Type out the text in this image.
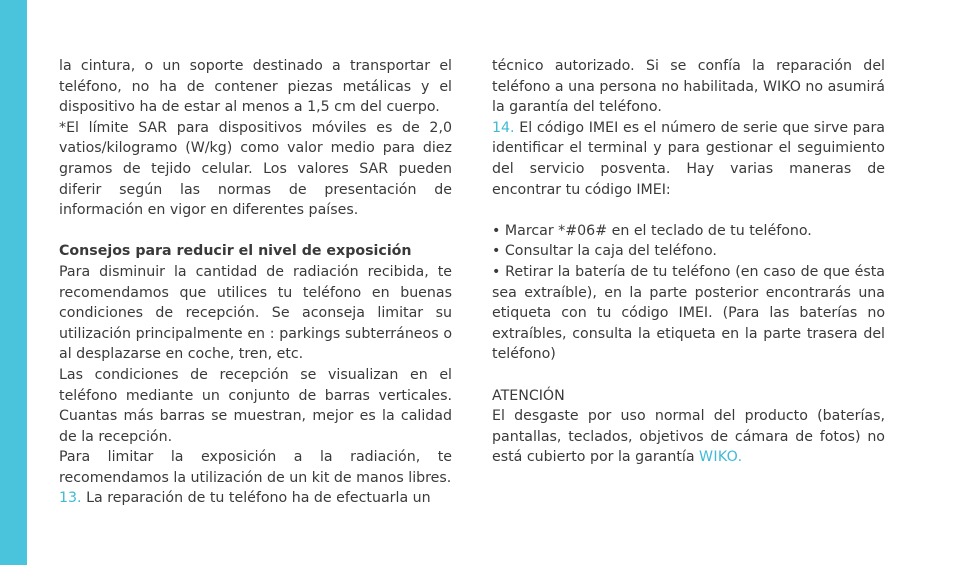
la cintura, o un soporte destinado a transportar el teléfono, no ha de contener piezas metálicas y el dispositivo ha de estar al menos a 1,5 cm del cuerpo.

*El límite SAR para dispositivos móviles es de 2,0 vatios/kilogramo (W/kg) como valor medio para diez gramos de tejido celular. Los valores SAR pueden diferir según las normas de presentación de información en vigor en diferentes países.

Consejos para reducir el nivel de exposición

Para disminuir la cantidad de radiación recibida, te recomendamos que utilices tu teléfono en buenas condiciones de recepción. Se aconseja limitar su utilización principalmente en : parkings subterráneos o al desplazarse en coche, tren, etc.

Las condiciones de recepción se visualizan en el teléfono mediante un conjunto de barras verticales. Cuantas más barras se muestran, mejor es la calidad de la recepción.

Para limitar la exposición a la radiación, te recomendamos la utilización de un kit de manos libres.

13. La reparación de tu teléfono ha de efectuarla un

técnico autorizado. Si se confía la reparación del teléfono a una persona no habilitada, WIKO no asumirá la garantía del teléfono.

14. El código IMEI es el número de serie que sirve para identificar el terminal y para gestionar el seguimiento del servicio posventa. Hay varias maneras de encontrar tu código IMEI:

• Marcar *#06# en el teclado de tu teléfono.

• Consultar la caja del teléfono.

• Retirar la batería de tu teléfono (en caso de que ésta sea extraíble), en la parte posterior encontrarás una etiqueta con tu código IMEI. (Para las baterías no extraíbles, consulta la etiqueta en la parte trasera del teléfono)

ATENCIÓN

El desgaste por uso normal del producto (baterías, pantallas, teclados, objetivos de cámara de fotos) no está cubierto por la garantía WIKO.
